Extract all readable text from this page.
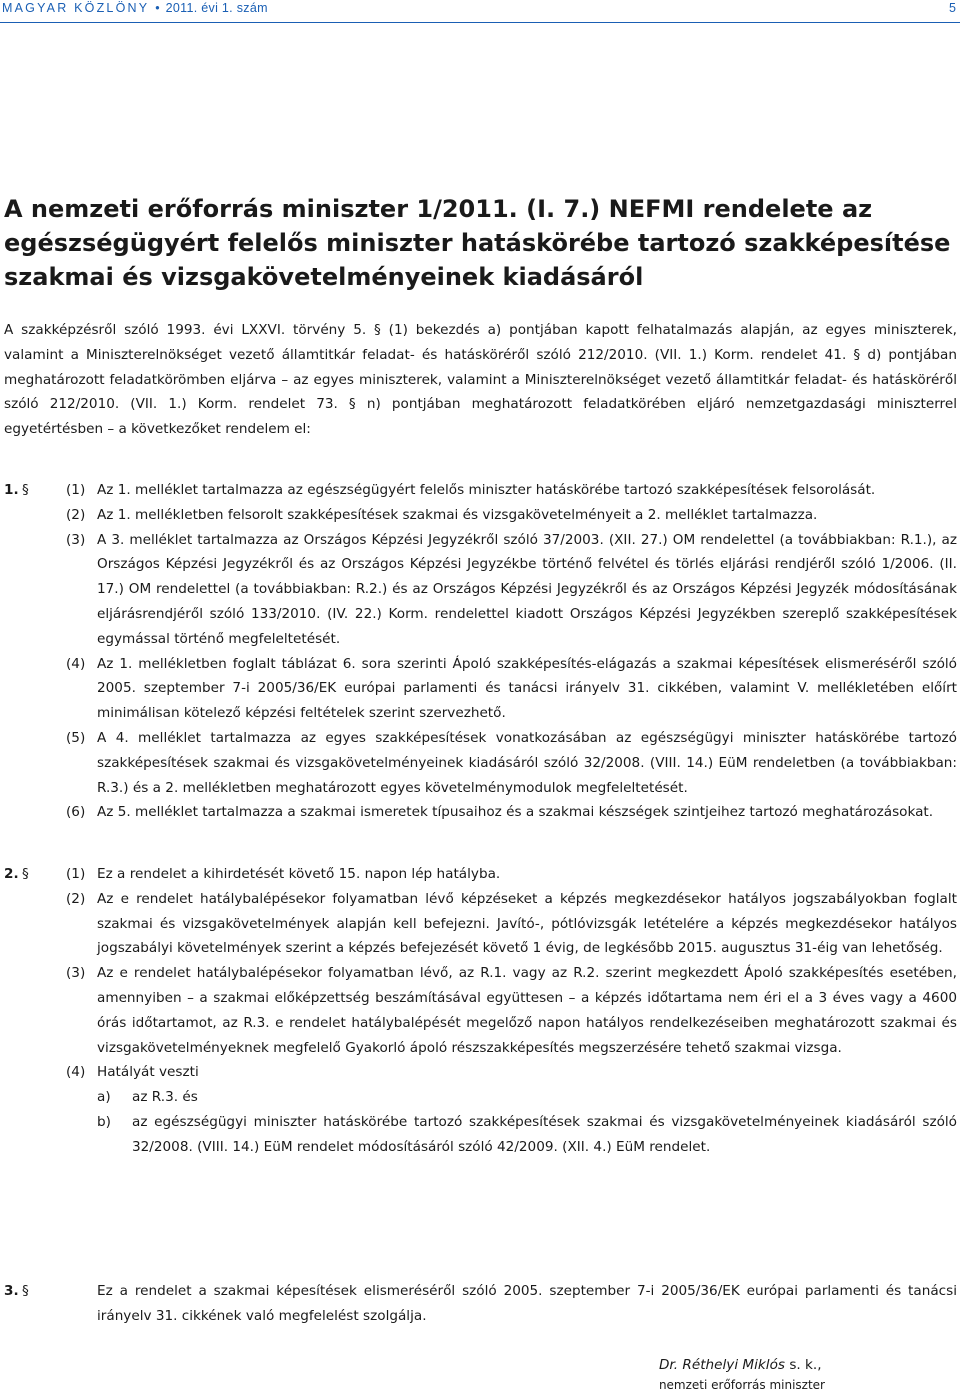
MAGYAR KÖZLÖNY • 2011. évi 1. szám	5
A nemzeti erőforrás miniszter 1/2011. (I. 7.) NEFMI rendelete az egészségügyért felelős miniszter hatáskörébe tartozó szakképesítése szakmai és vizsgakövetelményeinek kiadásáról

A szakképzésről szóló 1993. évi LXXVI. törvény 5. § (1) bekezdés a) pontjában kapott felhatalmazás alapján, az egyes miniszterek, valamint a Miniszterelnökséget vezető államtitkár feladat- és hatásköréről szóló 212/2010. (VII. 1.) Korm. rendelet 41. § d) pontjában meghatározott feladatkörömben eljárva – az egyes miniszterek, valamint a Miniszterelnökséget vezető államtitkár feladat- és hatásköréről szóló 212/2010. (VII. 1.) Korm. rendelet 73. § n) pontjában meghatározott feladatkörében eljáró nemzetgazdasági miniszterrel egyetértésben – a következőket rendelem el:

1. §	(1) Az 1. melléklet tartalmazza az egészségügyért felelős miniszter hatáskörébe tartozó szakképesítések felsorolását.

(2) Az 1. mellékletben felsorolt szakképesítések szakmai és vizsgakövetelményeit a 2. melléklet tartalmazza.

(3) A 3. melléklet tartalmazza az Országos Képzési Jegyzékről szóló 37/2003. (XII. 27.) OM rendelettel (a továbbiakban: R.1.), az Országos Képzési Jegyzékről és az Országos Képzési Jegyzékbe történő felvétel és törlés eljárási rendjéről szóló 1/2006. (II. 17.) OM rendelettel (a továbbiakban: R.2.) és az Országos Képzési Jegyzékről és az Országos Képzési Jegyzék módosításának eljárásrendjéről szóló 133/2010. (IV. 22.) Korm. rendelettel kiadott Országos Képzési Jegyzékben szereplő szakképesítések egymással történő megfeleltetését.

(4) Az 1. mellékletben foglalt táblázat 6. sora szerinti Ápoló szakképesítés-elágazás a szakmai képesítések elismeréséről szóló 2005. szeptember 7-i 2005/36/EK európai parlamenti és tanácsi irányelv 31. cikkében, valamint V. mellékletében előírt minimálisan kötelező képzési feltételek szerint szervezhető.

(5) A 4. melléklet tartalmazza az egyes szakképesítések vonatkozásában az egészségügyi miniszter hatáskörébe tartozó szakképesítések szakmai és vizsgakövetelményeinek kiadásáról szóló 32/2008. (VIII. 14.) EüM rendeletben (a továbbiakban: R.3.) és a 2. mellékletben meghatározott egyes követelménymodulok megfeleltetését.

(6) Az 5. melléklet tartalmazza a szakmai ismeretek típusaihoz és a szakmai készségek szintjeihez tartozó meghatározásokat.

2. §	(1) Ez a rendelet a kihirdetését követő 15. napon lép hatályba.

(2) Az e rendelet hatálybalépésekor folyamatban lévő képzéseket a képzés megkezdésekor hatályos jogszabályokban foglalt szakmai és vizsgakövetelmények alapján kell befejezni. Javító-, pótlóvizsgák letételére a képzés megkezdésekor hatályos jogszabályi követelmények szerint a képzés befejezését követő 1 évig, de legkésőbb 2015. augusztus 31-éig van lehetőség.

(3) Az e rendelet hatálybalépésekor folyamatban lévő, az R.1. vagy az R.2. szerint megkezdett Ápoló szakképesítés esetében, amennyiben – a szakmai előképzettség beszámításával együttesen – a képzés időtartama nem éri el a 3 éves vagy a 4600 órás időtartamot, az R.3. e rendelet hatálybalépését megelőző napon hatályos rendelkezéseiben meghatározott szakmai és vizsgakövetelményeknek megfelelő Gyakorló ápoló részszakképesítés megszerzésére tehető szakmai vizsga.

(4) Hatályát veszti

a) az R.3. és

b) az egészségügyi miniszter hatáskörébe tartozó szakképesítések szakmai és vizsgakövetelményeinek kiadásáról szóló 32/2008. (VIII. 14.) EüM rendelet módosításáról szóló 42/2009. (XII. 4.) EüM rendelet.

3. §	Ez a rendelet a szakmai képesítések elismeréséről szóló 2005. szeptember 7-i 2005/36/EK európai parlamenti és tanácsi irányelv 31. cikkének való megfelelést szolgálja.

Dr. Réthelyi Miklós s. k.,
nemzeti erőforrás miniszter
